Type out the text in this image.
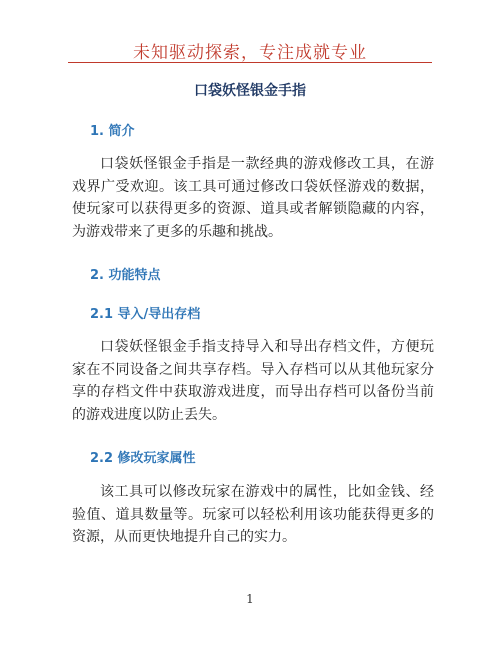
未知驱动探索，专注成就专业
口袋妖怪银金手指
1. 简介
口袋妖怪银金手指是一款经典的游戏修改工具，在游戏界广受欢迎。该工具可通过修改口袋妖怪游戏的数据，使玩家可以获得更多的资源、道具或者解锁隐藏的内容，为游戏带来了更多的乐趣和挑战。
2. 功能特点
2.1 导入/导出存档
口袋妖怪银金手指支持导入和导出存档文件，方便玩家在不同设备之间共享存档。导入存档可以从其他玩家分享的存档文件中获取游戏进度，而导出存档可以备份当前的游戏进度以防止丢失。
2.2 修改玩家属性
该工具可以修改玩家在游戏中的属性，比如金钱、经验值、道具数量等。玩家可以轻松利用该功能获得更多的资源，从而更快地提升自己的实力。
1
